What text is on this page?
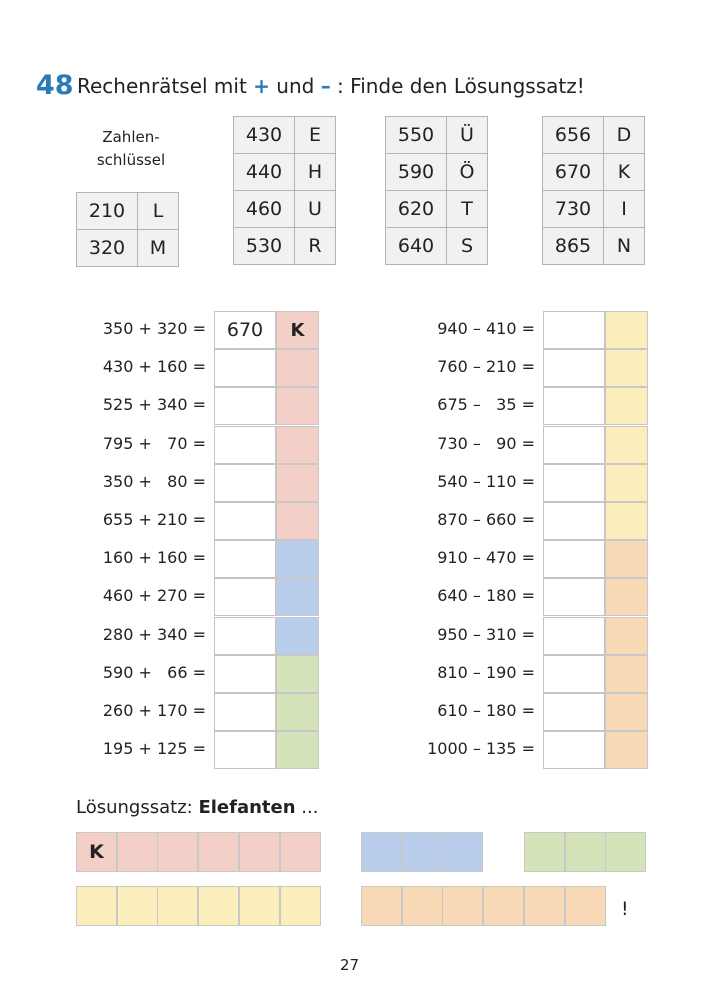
48 Rechenrätsel mit + und – : Finde den Lösungssatz!
Zahlen-
schlüssel
210	L
320	M
430	E
440	H
460	U
530	R
550	Ü
590	Ö
620	T
640	S
656	D
670	K
730	I
865	N
350 + 320 =	670	K
430 + 160 =
525 + 340 =
795 +   70 =
350 +   80 =
655 + 210 =
160 + 160 =
460 + 270 =
280 + 340 =
590 +   66 =
260 + 170 =
195 + 125 =
940 – 410 =
760 – 210 =
675 –   35 =
730 –   90 =
540 – 110 =
870 – 660 =
910 – 470 =
640 – 180 =
950 – 310 =
810 – 190 =
610 – 180 =
1000 – 135 =
Lösungssatz: Elefanten ...
K
!
27
